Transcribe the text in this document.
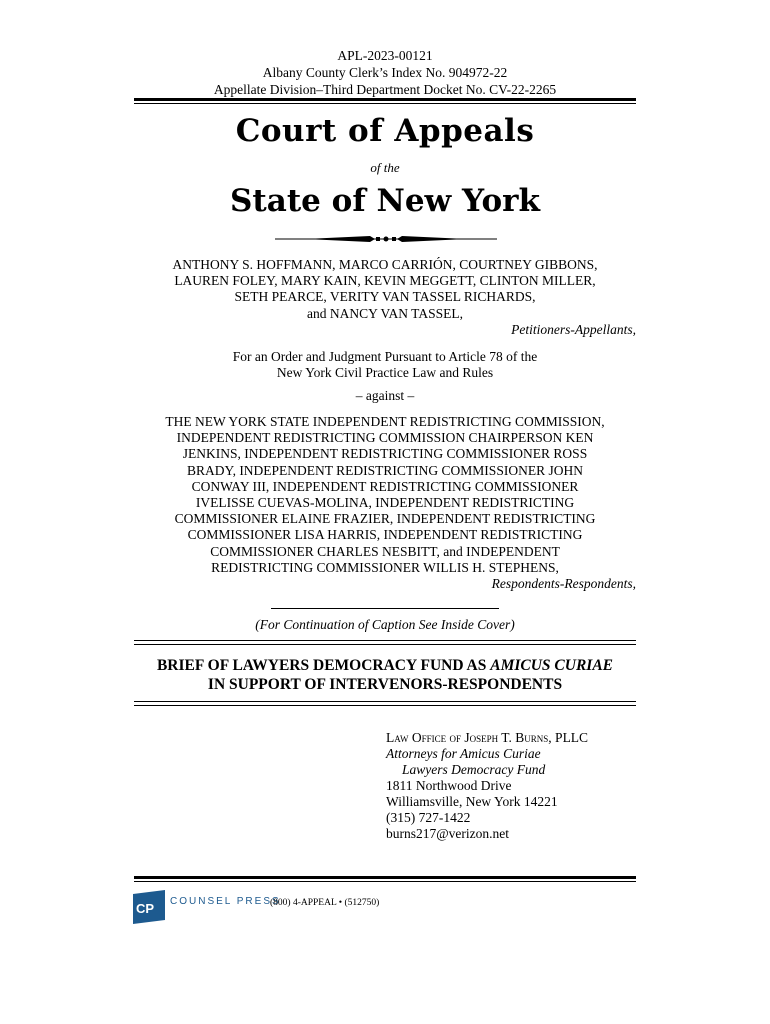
APL-2023-00121
Albany County Clerk’s Index No. 904972-22
Appellate Division–Third Department Docket No. CV-22-2265
Court of Appeals
of the
State of New York
ANTHONY S. HOFFMANN, MARCO CARRIÓN, COURTNEY GIBBONS,
LAUREN FOLEY, MARY KAIN, KEVIN MEGGETT, CLINTON MILLER,
SETH PEARCE, VERITY VAN TASSEL RICHARDS,
and NANCY VAN TASSEL,
Petitioners-Appellants,
For an Order and Judgment Pursuant to Article 78 of the
New York Civil Practice Law and Rules
– against –
THE NEW YORK STATE INDEPENDENT REDISTRICTING COMMISSION,
INDEPENDENT REDISTRICTING COMMISSION CHAIRPERSON KEN
JENKINS, INDEPENDENT REDISTRICTING COMMISSIONER ROSS
BRADY, INDEPENDENT REDISTRICTING COMMISSIONER JOHN
CONWAY III, INDEPENDENT REDISTRICTING COMMISSIONER
IVELISSE CUEVAS-MOLINA, INDEPENDENT REDISTRICTING
COMMISSIONER ELAINE FRAZIER, INDEPENDENT REDISTRICTING
COMMISSIONER LISA HARRIS, INDEPENDENT REDISTRICTING
COMMISSIONER CHARLES NESBITT, and INDEPENDENT
REDISTRICTING COMMISSIONER WILLIS H. STEPHENS,
Respondents-Respondents,
(For Continuation of Caption See Inside Cover)
BRIEF OF LAWYERS DEMOCRACY FUND AS AMICUS CURIAE
IN SUPPORT OF INTERVENORS-RESPONDENTS
Law Office of Joseph T. Burns, PLLC
Attorneys for Amicus Curiae
Lawyers Democracy Fund
1811 Northwood Drive
Williamsville, New York 14221
(315) 727-1422
burns217@verizon.net
CP COUNSEL PRESS
(800) 4-APPEAL • (512750)
